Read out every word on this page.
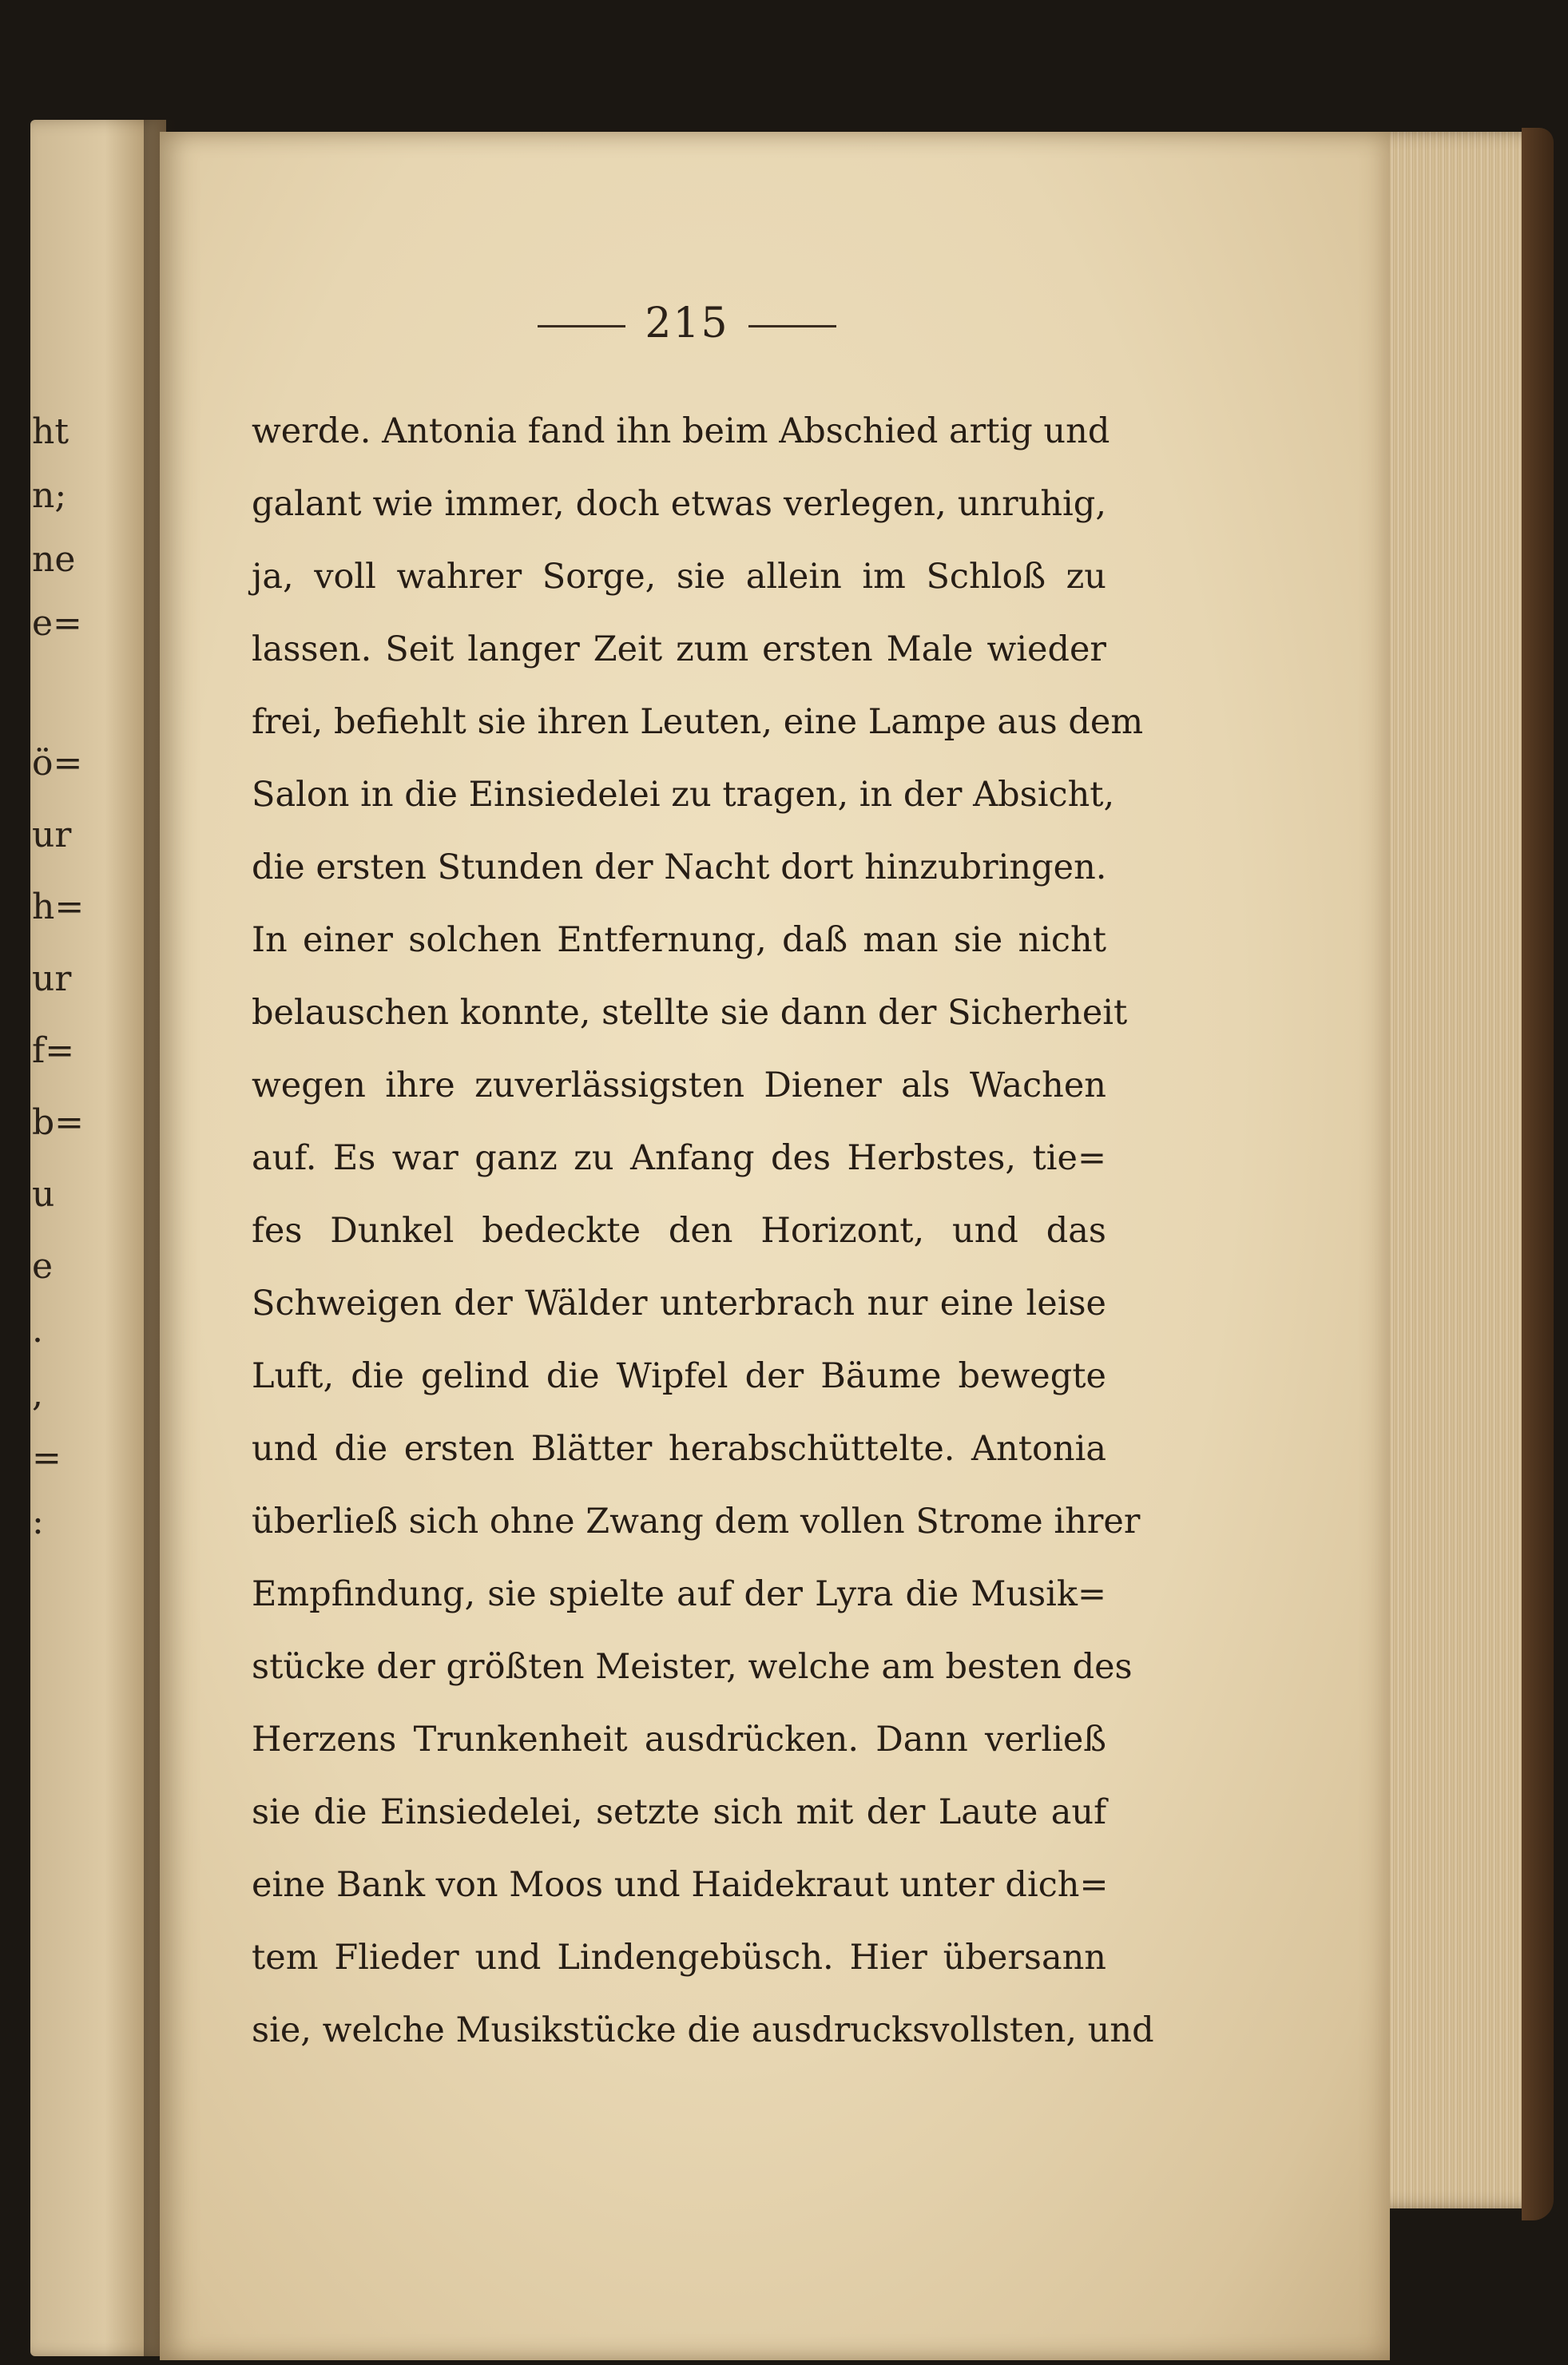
ht
n;
ne
e=
ö=
ur
h=
ur
f=
b=
u
e
.
,
=
:
215
werde. Antonia fand ihn beim Abschied artig und
galant wie immer, doch etwas verlegen, unruhig,
ja, voll wahrer Sorge, sie allein im Schloß zu
lassen. Seit langer Zeit zum ersten Male wieder
frei, befiehlt sie ihren Leuten, eine Lampe aus dem
Salon in die Einsiedelei zu tragen, in der Absicht,
die ersten Stunden der Nacht dort hinzubringen.
In einer solchen Entfernung, daß man sie nicht
belauschen konnte, stellte sie dann der Sicherheit
wegen ihre zuverlässigsten Diener als Wachen
auf. Es war ganz zu Anfang des Herbstes, tie=
fes Dunkel bedeckte den Horizont, und das
Schweigen der Wälder unterbrach nur eine leise
Luft, die gelind die Wipfel der Bäume bewegte
und die ersten Blätter herabschüttelte. Antonia
überließ sich ohne Zwang dem vollen Strome ihrer
Empfindung, sie spielte auf der Lyra die Musik=
stücke der größten Meister, welche am besten des
Herzens Trunkenheit ausdrücken. Dann verließ
sie die Einsiedelei, setzte sich mit der Laute auf
eine Bank von Moos und Haidekraut unter dich=
tem Flieder und Lindengebüsch. Hier übersann
sie, welche Musikstücke die ausdrucksvollsten, und
